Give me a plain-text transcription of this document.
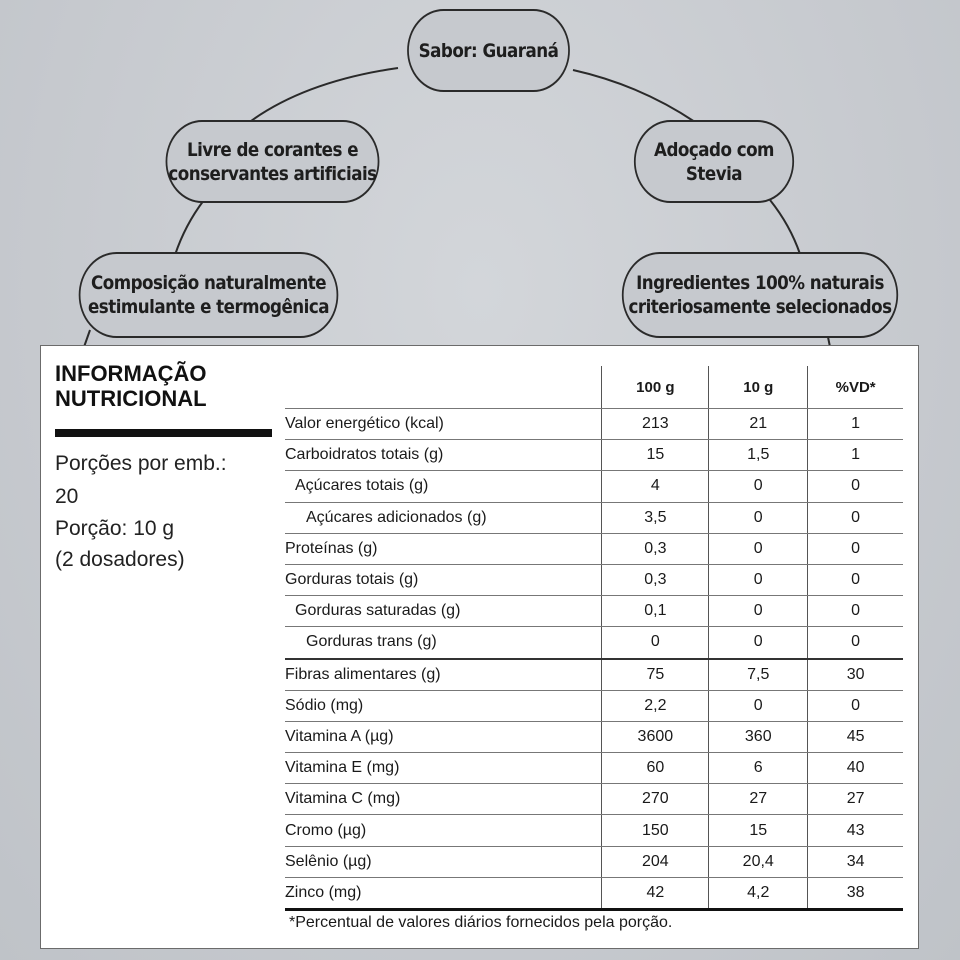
Sabor: Guaraná
Livre de corantes e
conservantes artificiais
Adoçado com
Stevia
Composição naturalmente
estimulante e termogênica
Ingredientes 100% naturais
criteriosamente selecionados
INFORMAÇÃO
NUTRICIONAL
Porções por emb.:
20
Porção: 10 g
(2 dosadores)
	100 g	10 g	%VD*
Valor energético (kcal)	213	21	1
Carboidratos totais (g)	15	1,5	1
Açúcares totais (g)	4	0	0
Açúcares adicionados (g)	3,5	0	0
Proteínas (g)	0,3	0	0
Gorduras totais (g)	0,3	0	0
Gorduras saturadas (g)	0,1	0	0
Gorduras trans (g)	0	0	0
Fibras alimentares (g)	75	7,5	30
Sódio (mg)	2,2	0	0
Vitamina A (µg)	3600	360	45
Vitamina E (mg)	60	6	40
Vitamina C (mg)	270	27	27
Cromo (µg)	150	15	43
Selênio (µg)	204	20,4	34
Zinco (mg)	42	4,2	38
*Percentual de valores diários fornecidos pela porção.
